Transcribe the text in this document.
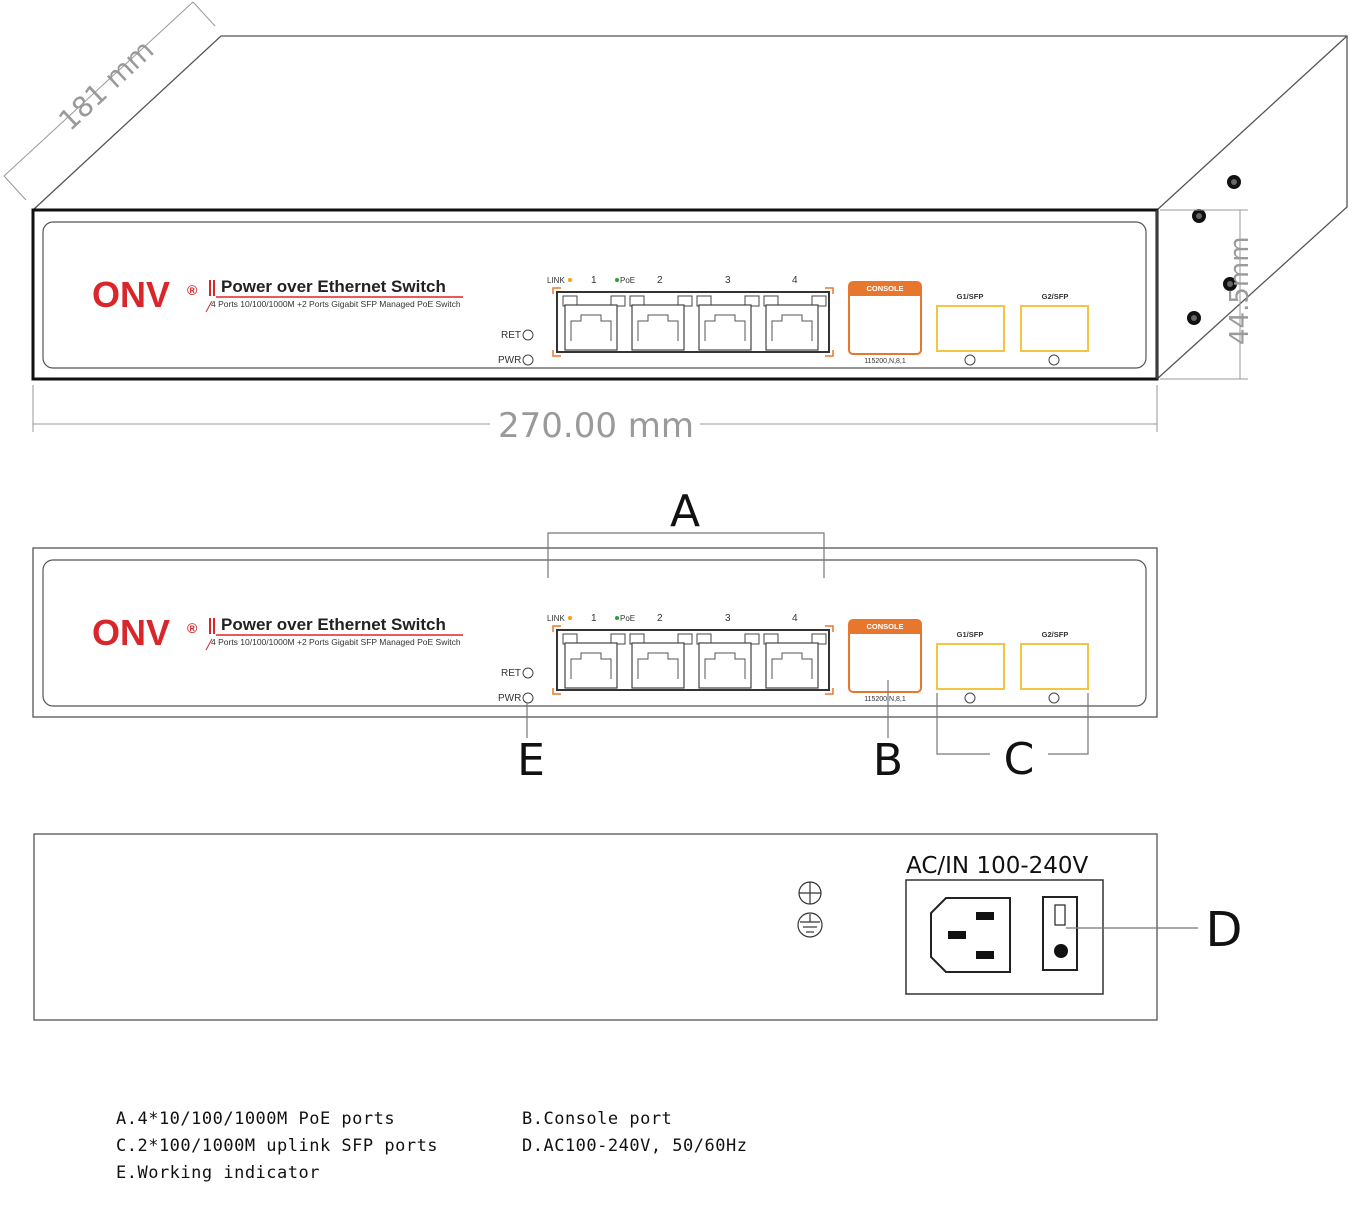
181 mm
270.00 mm
44.5mm
ONV ® Power over Ethernet Switch
4 Ports 10/100/1000M +2 Ports Gigabit SFP Managed PoE Switch
LINK	PoE
1	2	3	4
RET
PWR
CONSOLE
115200,N,8,1
G1/SFP	G2/SFP
ONV ® Power over Ethernet Switch
4 Ports 10/100/1000M +2 Ports Gigabit SFP Managed PoE Switch
LINK	PoE
1	2	3	4
RET
PWR
CONSOLE
115200,N,8,1
G1/SFP	G2/SFP
A
E	B C
AC/IN 100-240V
D
A.4*10/100/1000M PoE ports	B.Console port
C.2*100/1000M uplink SFP ports	D.AC100-240V, 50/60Hz
E.Working indicator
